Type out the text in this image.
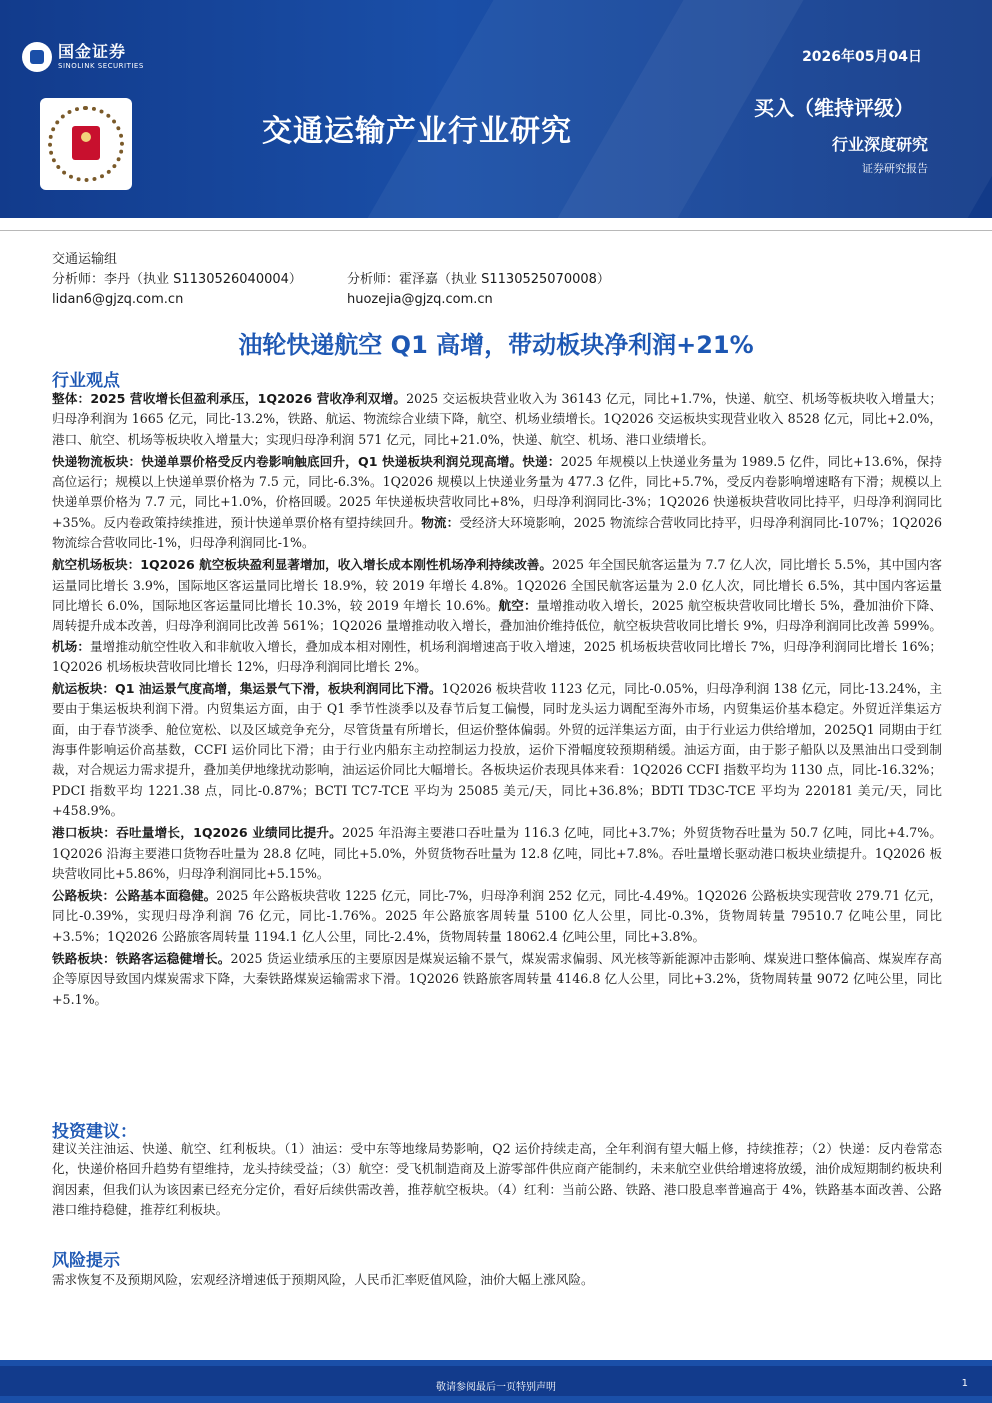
国金证券
SINOLINK SECURITIES
2026年05月04日
交通运输产业行业研究
买入（维持评级）
行业深度研究
证券研究报告
交通运输组
分析师：李丹（执业 S1130526040004）
lidan6@gjzq.com.cn
分析师：霍泽嘉（执业 S1130525070008）
huozejia@gjzq.com.cn
油轮快递航空 Q1 高增，带动板块净利润+21%
行业观点

整体：2025 营收增长但盈利承压，1Q2026 营收净利双增。2025 交运板块营业收入为 36143 亿元，同比+1.7%，快递、航空、机场等板块收入增量大；归母净利润为 1665 亿元，同比-13.2%，铁路、航运、物流综合业绩下降，航空、机场业绩增长。1Q2026 交运板块实现营业收入 8528 亿元，同比+2.0%，港口、航空、机场等板块收入增量大；实现归母净利润 571 亿元，同比+21.0%，快递、航空、机场、港口业绩增长。

快递物流板块：快递单票价格受反内卷影响触底回升，Q1 快递板块利润兑现高增。快递：2025 年规模以上快递业务量为 1989.5 亿件，同比+13.6%，保持高位运行；规模以上快递单票价格为 7.5 元，同比-6.3%。1Q2026 规模以上快递业务量为 477.3 亿件，同比+5.7%，受反内卷影响增速略有下滑；规模以上快递单票价格为 7.7 元，同比+1.0%，价格回暖。2025 年快递板块营收同比+8%，归母净利润同比-3%；1Q2026 快递板块营收同比持平，归母净利润同比+35%。反内卷政策持续推进，预计快递单票价格有望持续回升。物流：受经济大环境影响，2025 物流综合营收同比持平，归母净利润同比-107%；1Q2026 物流综合营收同比-1%，归母净利润同比-1%。

航空机场板块：1Q2026 航空板块盈利显著增加，收入增长成本刚性机场净利持续改善。2025 年全国民航客运量为 7.7 亿人次，同比增长 5.5%，其中国内客运量同比增长 3.9%，国际地区客运量同比增长 18.9%，较 2019 年增长 4.8%。1Q2026 全国民航客运量为 2.0 亿人次，同比增长 6.5%，其中国内客运量同比增长 6.0%，国际地区客运量同比增长 10.3%，较 2019 年增长 10.6%。航空：量增推动收入增长，2025 航空板块营收同比增长 5%，叠加油价下降、周转提升成本改善，归母净利润同比改善 561%；1Q2026 量增推动收入增长，叠加油价维持低位，航空板块营收同比增长 9%，归母净利润同比改善 599%。机场：量增推动航空性收入和非航收入增长，叠加成本相对刚性，机场利润增速高于收入增速，2025 机场板块营收同比增长 7%，归母净利润同比增长 16%；1Q2026 机场板块营收同比增长 12%，归母净利润同比增长 2%。

航运板块：Q1 油运景气度高增，集运景气下滑，板块利润同比下滑。1Q2026 板块营收 1123 亿元，同比-0.05%，归母净利润 138 亿元，同比-13.24%，主要由于集运板块利润下滑。内贸集运方面，由于 Q1 季节性淡季以及春节后复工偏慢，同时龙头运力调配至海外市场，内贸集运价基本稳定。外贸近洋集运方面，由于春节淡季、舱位宽松、以及区域竞争充分，尽管货量有所增长，但运价整体偏弱。外贸的远洋集运方面，由于行业运力供给增加，2025Q1 同期由于红海事件影响运价高基数，CCFI 运价同比下滑；由于行业内船东主动控制运力投放，运价下滑幅度较预期稍缓。油运方面，由于影子船队以及黑油出口受到制裁，对合规运力需求提升，叠加美伊地缘扰动影响，油运运价同比大幅增长。各板块运价表现具体来看：1Q2026 CCFI 指数平均为 1130 点，同比-16.32%；PDCI 指数平均 1221.38 点，同比-0.87%；BCTI TC7-TCE 平均为 25085 美元/天，同比+36.8%；BDTI TD3C-TCE 平均为 220181 美元/天，同比+458.9%。

港口板块：吞吐量增长，1Q2026 业绩同比提升。2025 年沿海主要港口吞吐量为 116.3 亿吨，同比+3.7%；外贸货物吞吐量为 50.7 亿吨，同比+4.7%。1Q2026 沿海主要港口货物吞吐量为 28.8 亿吨，同比+5.0%，外贸货物吞吐量为 12.8 亿吨，同比+7.8%。吞吐量增长驱动港口板块业绩提升。1Q2026 板块营收同比+5.86%，归母净利润同比+5.15%。

公路板块：公路基本面稳健。2025 年公路板块营收 1225 亿元，同比-7%，归母净利润 252 亿元，同比-4.49%。1Q2026 公路板块实现营收 279.71 亿元，同比-0.39%，实现归母净利润 76 亿元，同比-1.76%。2025 年公路旅客周转量 5100 亿人公里，同比-0.3%，货物周转量 79510.7 亿吨公里，同比+3.5%；1Q2026 公路旅客周转量 1194.1 亿人公里，同比-2.4%，货物周转量 18062.4 亿吨公里，同比+3.8%。

铁路板块：铁路客运稳健增长。2025 货运业绩承压的主要原因是煤炭运输不景气，煤炭需求偏弱、风光核等新能源冲击影响、煤炭进口整体偏高、煤炭库存高企等原因导致国内煤炭需求下降，大秦铁路煤炭运输需求下滑。1Q2026 铁路旅客周转量 4146.8 亿人公里，同比+3.2%，货物周转量 9072 亿吨公里，同比+5.1%。

投资建议：

建议关注油运、快递、航空、红利板块。（1）油运：受中东等地缘局势影响，Q2 运价持续走高，全年利润有望大幅上修，持续推荐；（2）快递：反内卷常态化，快递价格回升趋势有望维持，龙头持续受益；（3）航空：受飞机制造商及上游零部件供应商产能制约，未来航空业供给增速将放缓，油价成短期制约板块利润因素，但我们认为该因素已经充分定价，看好后续供需改善，推荐航空板块。（4）红利：当前公路、铁路、港口股息率普遍高于 4%，铁路基本面改善、公路港口维持稳健，推荐红利板块。

风险提示

需求恢复不及预期风险，宏观经济增速低于预期风险，人民币汇率贬值风险，油价大幅上涨风险。

敬请参阅最后一页特别声明	1
